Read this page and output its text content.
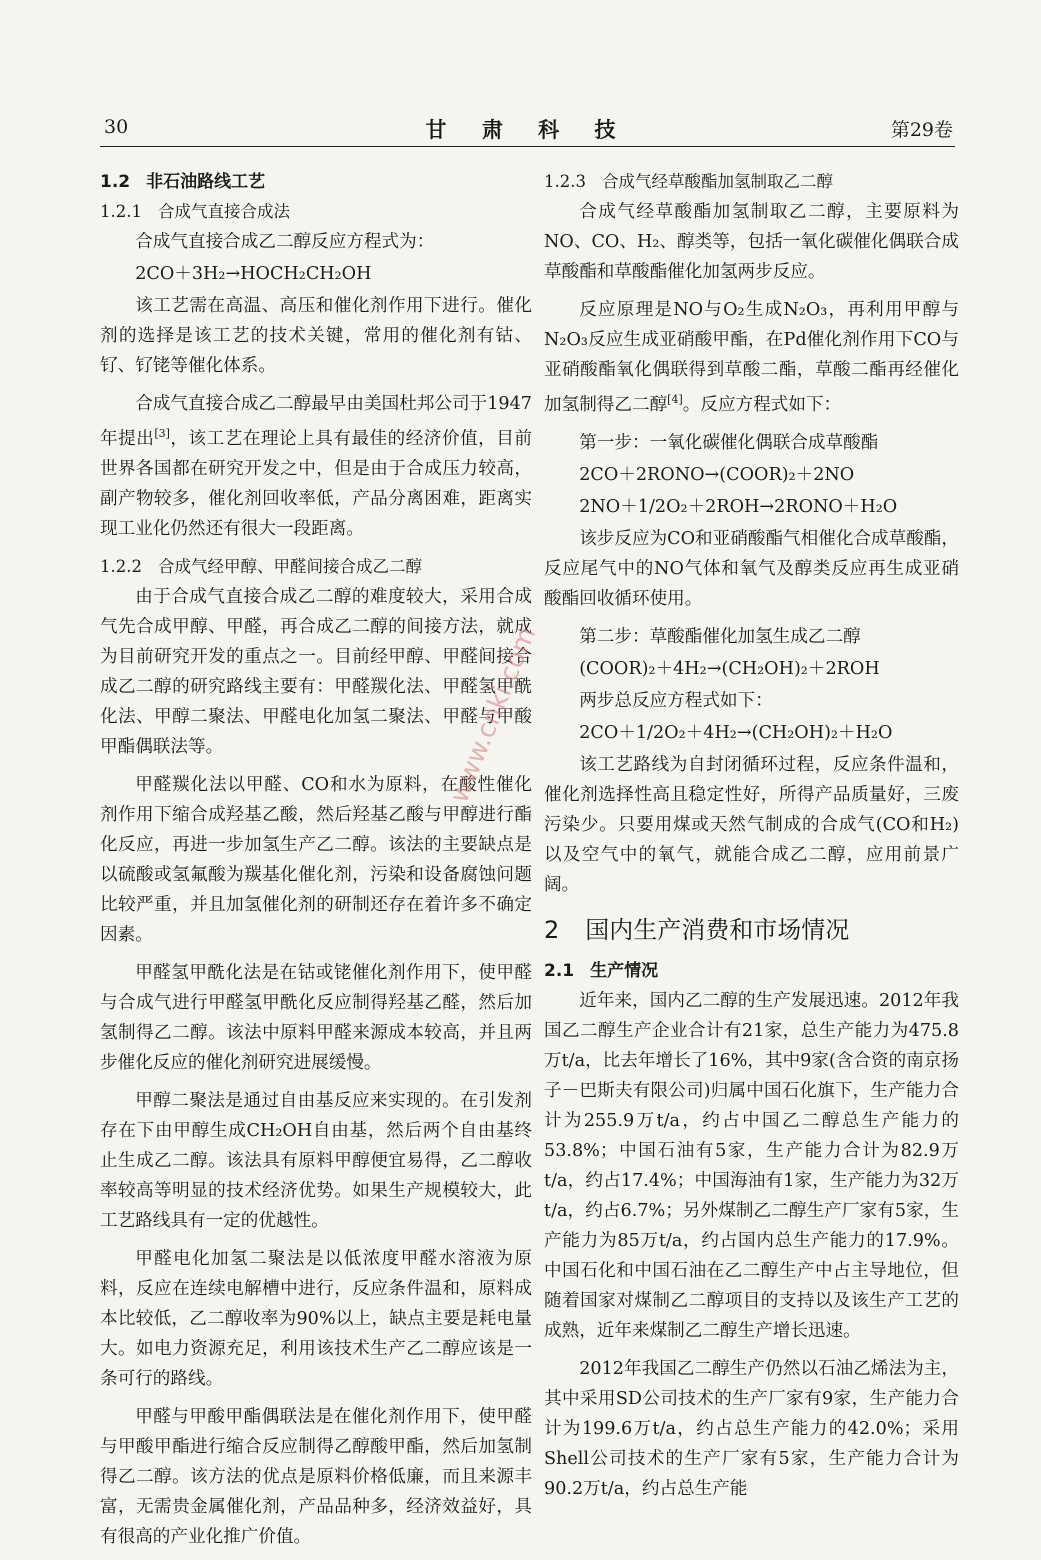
30	甘 肃 科 技	第29卷

1.2 非石油路线工艺

1.2.1 合成气直接合成法

合成气直接合成乙二醇反应方程式为：

2CO＋3H₂→HOCH₂CH₂OH

该工艺需在高温、高压和催化剂作用下进行。催化剂的选择是该工艺的技术关键，常用的催化剂有钴、钌、钌铑等催化体系。

合成气直接合成乙二醇最早由美国杜邦公司于1947年提出[3]，该工艺在理论上具有最佳的经济价值，目前世界各国都在研究开发之中，但是由于合成压力较高，副产物较多，催化剂回收率低，产品分离困难，距离实现工业化仍然还有很大一段距离。

1.2.2 合成气经甲醇、甲醛间接合成乙二醇

由于合成气直接合成乙二醇的难度较大，采用合成气先合成甲醇、甲醛，再合成乙二醇的间接方法，就成为目前研究开发的重点之一。目前经甲醇、甲醛间接合成乙二醇的研究路线主要有：甲醛羰化法、甲醛氢甲酰化法、甲醇二聚法、甲醛电化加氢二聚法、甲醛与甲酸甲酯偶联法等。

甲醛羰化法以甲醛、CO和水为原料，在酸性催化剂作用下缩合成羟基乙酸，然后羟基乙酸与甲醇进行酯化反应，再进一步加氢生产乙二醇。该法的主要缺点是以硫酸或氢氟酸为羰基化催化剂，污染和设备腐蚀问题比较严重，并且加氢催化剂的研制还存在着许多不确定因素。

甲醛氢甲酰化法是在钴或铑催化剂作用下，使甲醛与合成气进行甲醛氢甲酰化反应制得羟基乙醛，然后加氢制得乙二醇。该法中原料甲醛来源成本较高，并且两步催化反应的催化剂研究进展缓慢。

甲醇二聚法是通过自由基反应来实现的。在引发剂存在下由甲醇生成CH₂OH自由基，然后两个自由基终止生成乙二醇。该法具有原料甲醇便宜易得，乙二醇收率较高等明显的技术经济优势。如果生产规模较大，此工艺路线具有一定的优越性。

甲醛电化加氢二聚法是以低浓度甲醛水溶液为原料，反应在连续电解槽中进行，反应条件温和，原料成本比较低，乙二醇收率为90%以上，缺点主要是耗电量大。如电力资源充足，利用该技术生产乙二醇应该是一条可行的路线。

甲醛与甲酸甲酯偶联法是在催化剂作用下，使甲醛与甲酸甲酯进行缩合反应制得乙醇酸甲酯，然后加氢制得乙二醇。该方法的优点是原料价格低廉，而且来源丰富，无需贵金属催化剂，产品品种多，经济效益好，具有很高的产业化推广价值。

1.2.3 合成气经草酸酯加氢制取乙二醇

合成气经草酸酯加氢制取乙二醇，主要原料为NO、CO、H₂、醇类等，包括一氧化碳催化偶联合成草酸酯和草酸酯催化加氢两步反应。

反应原理是NO与O₂生成N₂O₃，再利用甲醇与N₂O₃反应生成亚硝酸甲酯，在Pd催化剂作用下CO与亚硝酸酯氧化偶联得到草酸二酯，草酸二酯再经催化加氢制得乙二醇[4]。反应方程式如下：

第一步：一氧化碳催化偶联合成草酸酯

2CO＋2RONO→(COOR)₂＋2NO

2NO＋1/2O₂＋2ROH→2RONO＋H₂O

该步反应为CO和亚硝酸酯气相催化合成草酸酯，反应尾气中的NO气体和氧气及醇类反应再生成亚硝酸酯回收循环使用。

第二步：草酸酯催化加氢生成乙二醇

(COOR)₂＋4H₂→(CH₂OH)₂＋2ROH

两步总反应方程式如下：

2CO＋1/2O₂＋4H₂→(CH₂OH)₂＋H₂O

该工艺路线为自封闭循环过程，反应条件温和，催化剂选择性高且稳定性好，所得产品质量好，三废污染少。只要用煤或天然气制成的合成气(CO和H₂)以及空气中的氧气，就能合成乙二醇，应用前景广阔。

2 国内生产消费和市场情况

2.1 生产情况

近年来，国内乙二醇的生产发展迅速。2012年我国乙二醇生产企业合计有21家，总生产能力为475.8万t/a，比去年增长了16%，其中9家(含合资的南京扬子－巴斯夫有限公司)归属中国石化旗下，生产能力合计为255.9万t/a，约占中国乙二醇总生产能力的53.8%；中国石油有5家，生产能力合计为82.9万t/a，约占17.4%；中国海油有1家，生产能力为32万t/a，约占6.7%；另外煤制乙二醇生产厂家有5家，生产能力为85万t/a，约占国内总生产能力的17.9%。中国石化和中国石油在乙二醇生产中占主导地位，但随着国家对煤制乙二醇项目的支持以及该生产工艺的成熟，近年来煤制乙二醇生产增长迅速。

2012年我国乙二醇生产仍然以石油乙烯法为主，其中采用SD公司技术的生产厂家有9家，生产能力合计为199.6万t/a，约占总生产能力的42.0%；采用Shell公司技术的生产厂家有5家，生产能力合计为90.2万t/a，约占总生产能

www.cnki.com
